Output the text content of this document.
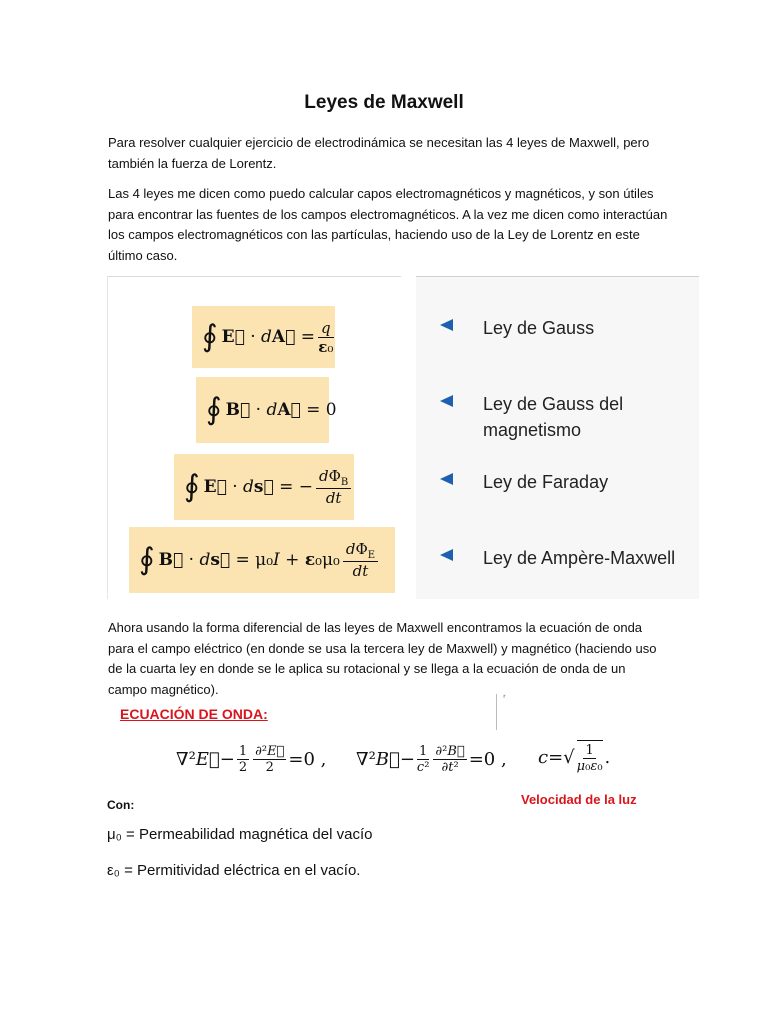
Leyes de Maxwell
Para resolver cualquier ejercicio de electrodinámica se necesitan las 4 leyes de Maxwell, pero también la fuerza de Lorentz.
Las 4 leyes me dicen como puedo calcular capos electromagnéticos y magnéticos, y son útiles para encontrar las fuentes de los campos electromagnéticos. A la vez me dicen como interactúan los campos electromagnéticos con las partículas, haciendo uso de la Ley de Lorentz en este último caso.
∮ E⃗ · d A⃗ = $\frac{q}{\text{ε₀}}$
∮ B⃗ · d A⃗ = 0
∮ E⃗ · d s⃗ = − $\frac{d\Phi_B}{dt}$
∮ B⃗ · d s⃗ = μ₀ I + ε $_0\mu_0 \frac{d\Phi_E}{dt}$
Ley de Gauss
Ley de Gauss del magnetismo
Ley de Faraday
Ley de Ampère-Maxwell
Ahora usando la forma diferencial de las leyes de Maxwell encontramos la ecuación de onda para el campo eléctrico (en donde se usa la tercera ley de Maxwell) y magnético (haciendo uso de la cuarta ley en donde se le aplica su rotacional y se llega a la ecuación de onda de un campo magnético).
⸢
ECUACIÓN DE ONDA:
∇² E⃗ − 1
2
∂²E⃗
2 =0 , ∇² B⃗ − 1
c²
∂²B⃗
∂t² =0 , c =√ 1
μ₀ε₀ .
Velocidad de la luz
Con:
μ₀ = Permeabilidad magnética del vacío
ε₀ = Permitividad eléctrica en el vacío.
